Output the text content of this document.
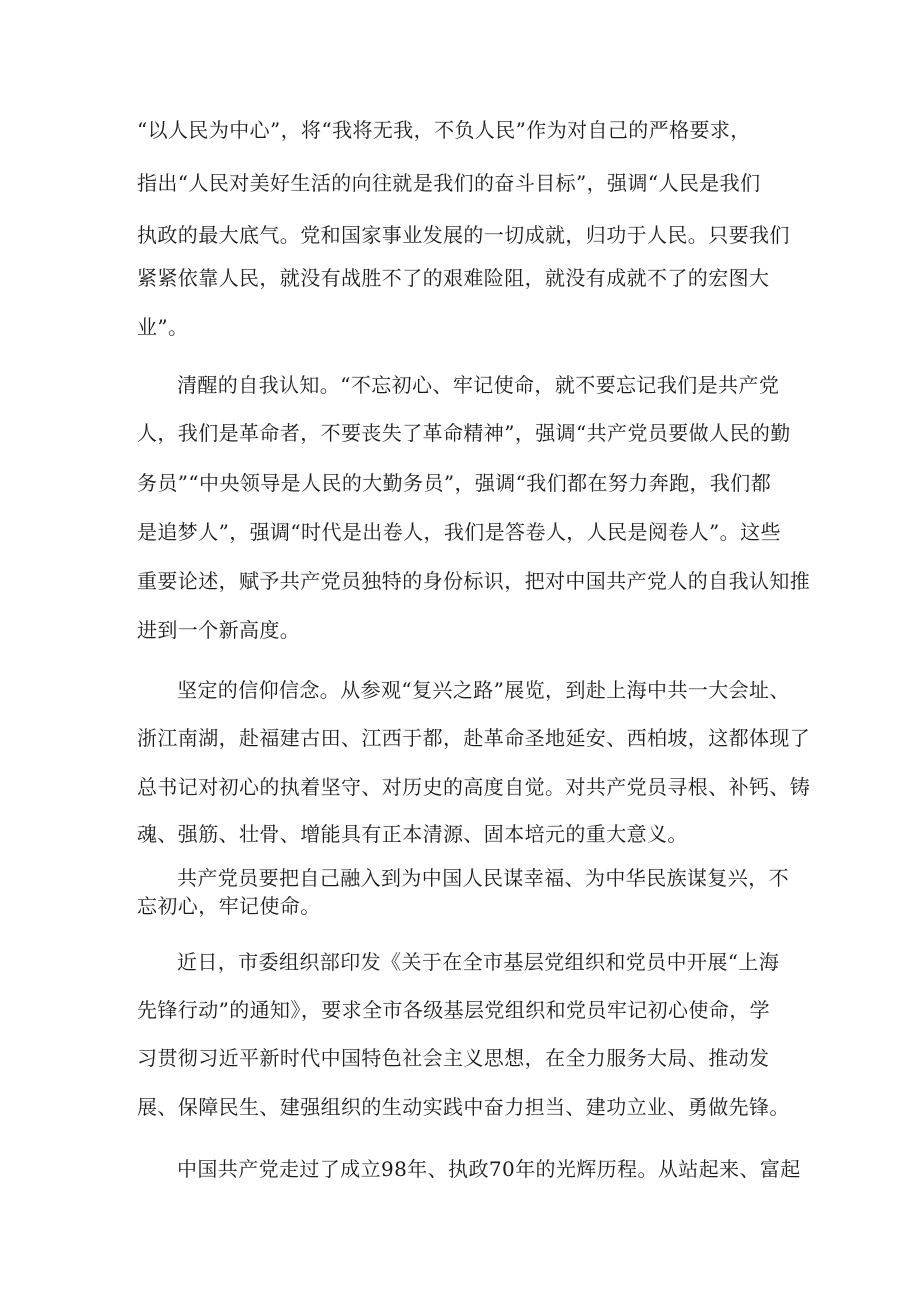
“以人民为中心”，将“我将无我，不负人民”作为对自己的严格要求，
指出“人民对美好生活的向往就是我们的奋斗目标”，强调“人民是我们
执政的最大底气。党和国家事业发展的一切成就，归功于人民。只要我们
紧紧依靠人民，就没有战胜不了的艰难险阻，就没有成就不了的宏图大
业”。
清醒的自我认知。“不忘初心、牢记使命，就不要忘记我们是共产党
人，我们是革命者，不要丧失了革命精神”，强调“共产党员要做人民的勤
务员”“中央领导是人民的大勤务员”，强调“我们都在努力奔跑，我们都
是追梦人”，强调“时代是出卷人，我们是答卷人，人民是阅卷人”。这些
重要论述，赋予共产党员独特的身份标识，把对中国共产党人的自我认知推
进到一个新高度。
坚定的信仰信念。从参观“复兴之路”展览，到赴上海中共一大会址、
浙江南湖，赴福建古田、江西于都，赴革命圣地延安、西柏坡，这都体现了
总书记对初心的执着坚守、对历史的高度自觉。对共产党员寻根、补钙、铸
魂、强筋、壮骨、增能具有正本清源、固本培元的重大意义。
共产党员要把自己融入到为中国人民谋幸福、为中华民族谋复兴，不
忘初心，牢记使命。
近日，市委组织部印发《关于在全市基层党组织和党员中开展“上海
先锋行动”的通知》，要求全市各级基层党组织和党员牢记初心使命，学
习贯彻习近平新时代中国特色社会主义思想，在全力服务大局、推动发
展、保障民生、建强组织的生动实践中奋力担当、建功立业、勇做先锋。
中国共产党走过了成立98年、执政70年的光辉历程。从站起来、富起
